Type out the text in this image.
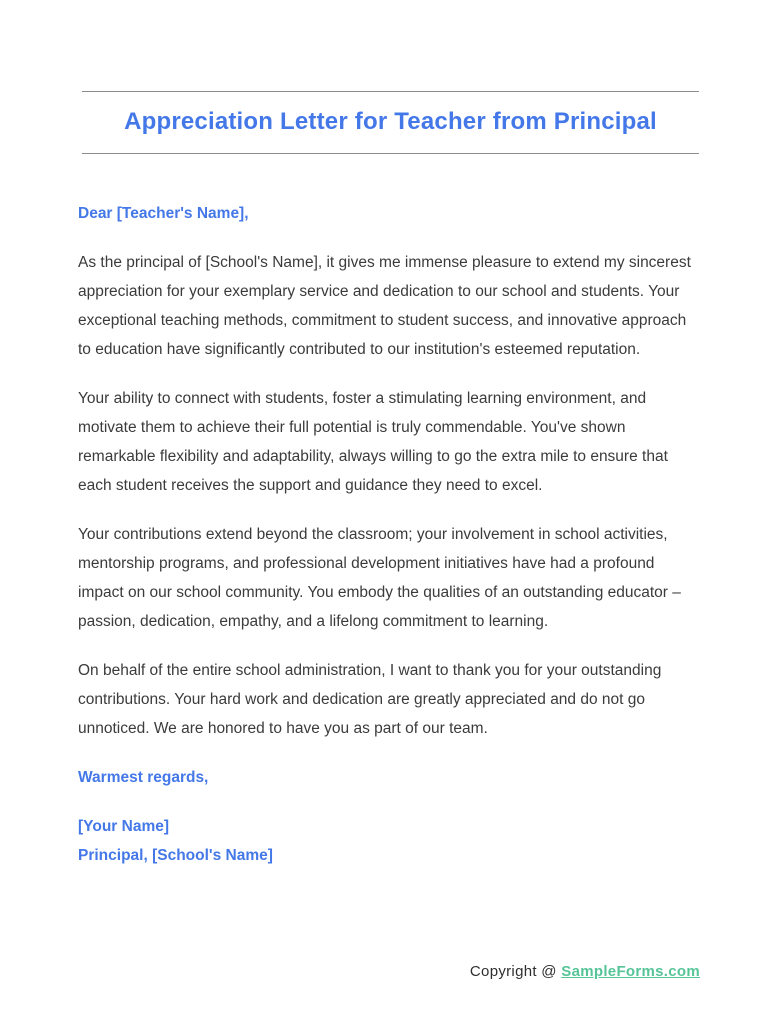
Appreciation Letter for Teacher from Principal

Dear [Teacher's Name],

As the principal of [School's Name], it gives me immense pleasure to extend my sincerest appreciation for your exemplary service and dedication to our school and students. Your exceptional teaching methods, commitment to student success, and innovative approach to education have significantly contributed to our institution's esteemed reputation.

Your ability to connect with students, foster a stimulating learning environment, and motivate them to achieve their full potential is truly commendable. You've shown remarkable flexibility and adaptability, always willing to go the extra mile to ensure that each student receives the support and guidance they need to excel.

Your contributions extend beyond the classroom; your involvement in school activities, mentorship programs, and professional development initiatives have had a profound impact on our school community. You embody the qualities of an outstanding educator – passion, dedication, empathy, and a lifelong commitment to learning.

On behalf of the entire school administration, I want to thank you for your outstanding contributions. Your hard work and dedication are greatly appreciated and do not go unnoticed. We are honored to have you as part of our team.

Warmest regards,

[Your Name]
Principal, [School's Name]
Copyright @ SampleForms.com
